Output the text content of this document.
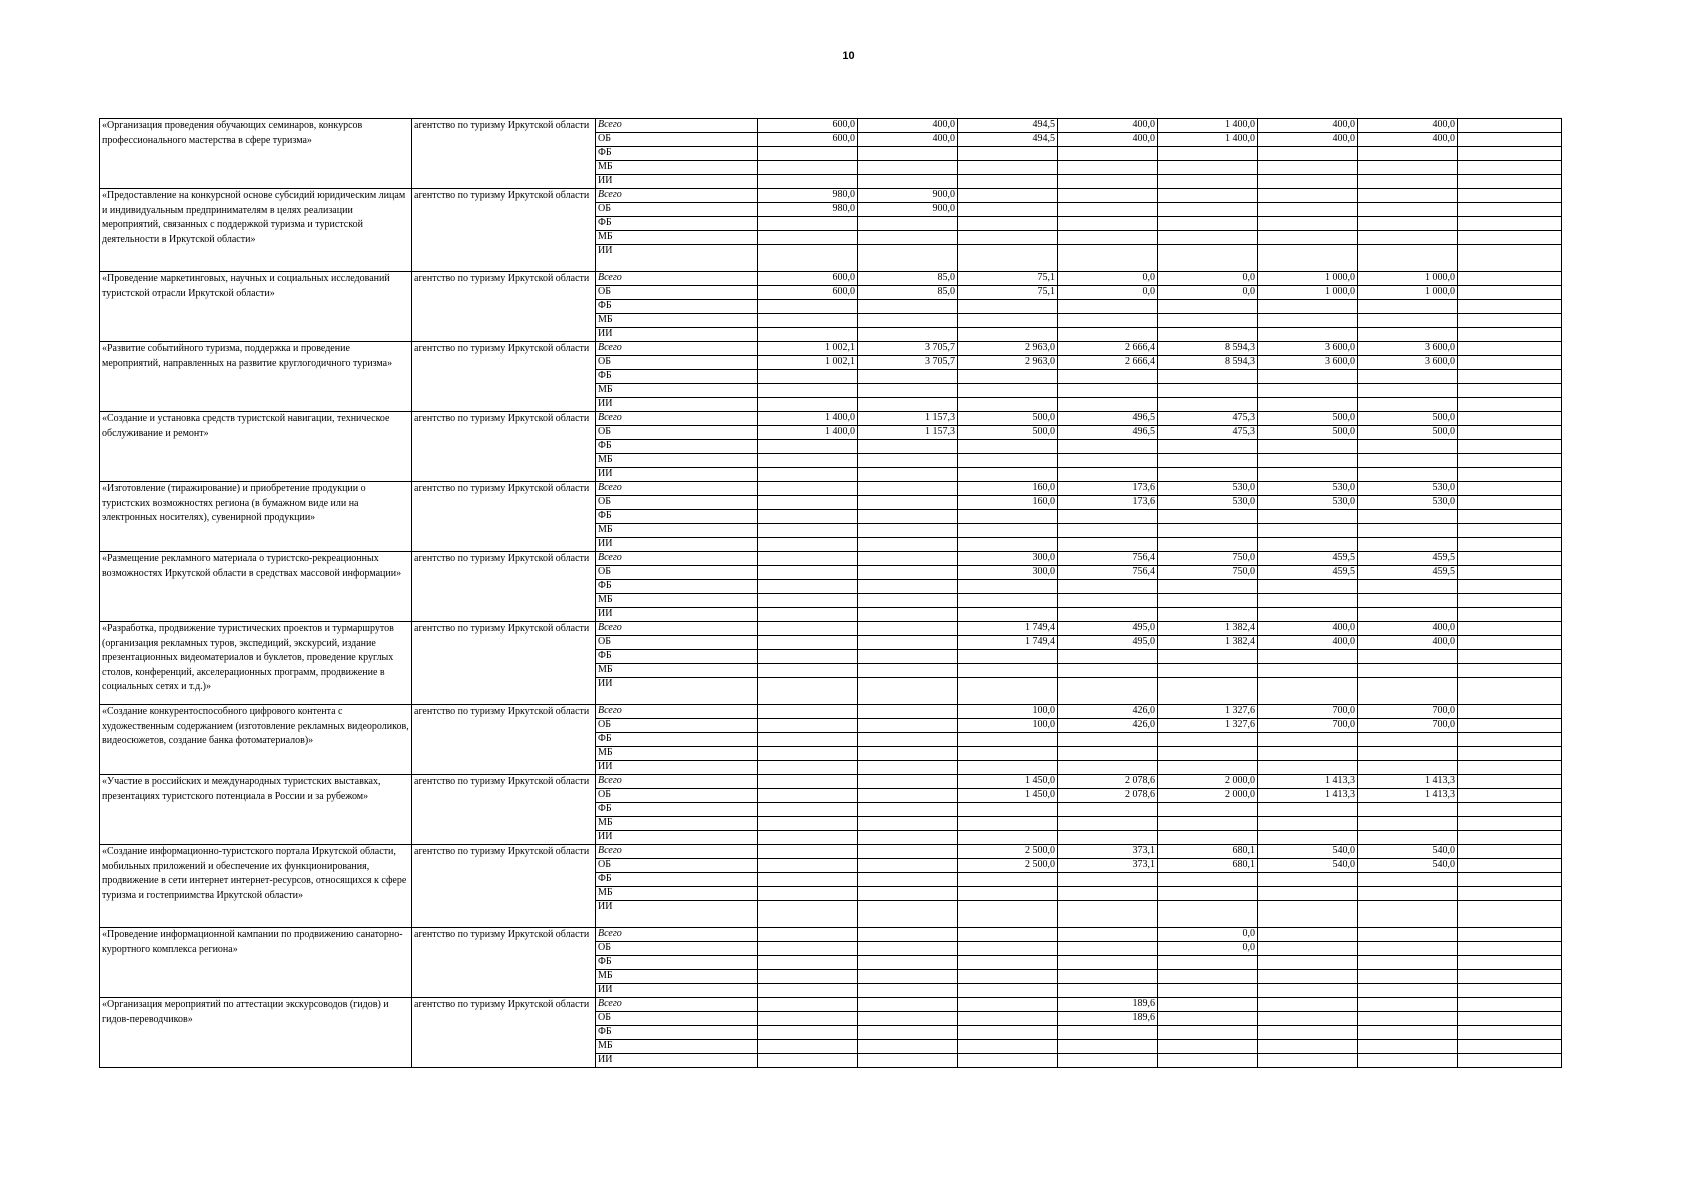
10
«Организация проведения обучающих семинаров, конкурсов профессионального мастерства в сфере туризма»	агентство по туризму Иркутской области	Всего	600,0	400,0	494,5	400,0	1 400,0	400,0	400,0	
		ОБ	600,0	400,0	494,5	400,0	1 400,0	400,0	400,0	
		ФБ								
		МБ								
		ИИ								
«Предоставление на конкурсной основе субсидий юридическим лицам и индивидуальным предпринимателям в целях реализации мероприятий, связанных с поддержкой туризма и туристской деятельности в Иркутской области»	агентство по туризму Иркутской области	Всего	980,0	900,0						
		ОБ	980,0	900,0						
		ФБ								
		МБ								
		ИИ								
«Проведение маркетинговых, научных и социальных исследований туристской отрасли Иркутской области»	агентство по туризму Иркутской области	Всего	600,0	85,0	75,1	0,0	0,0	1 000,0	1 000,0	
		ОБ	600,0	85,0	75,1	0,0	0,0	1 000,0	1 000,0	
		ФБ								
		МБ								
		ИИ								
«Развитие событийного туризма, поддержка и проведение мероприятий, направленных на развитие круглогодичного туризма»	агентство по туризму Иркутской области	Всего	1 002,1	3 705,7	2 963,0	2 666,4	8 594,3	3 600,0	3 600,0	
		ОБ	1 002,1	3 705,7	2 963,0	2 666,4	8 594,3	3 600,0	3 600,0	
		ФБ								
		МБ								
		ИИ								
«Создание и установка средств туристской навигации, техническое обслуживание и ремонт»	агентство по туризму Иркутской области	Всего	1 400,0	1 157,3	500,0	496,5	475,3	500,0	500,0	
		ОБ	1 400,0	1 157,3	500,0	496,5	475,3	500,0	500,0	
		ФБ								
		МБ								
		ИИ								
«Изготовление (тиражирование) и приобретение продукции о туристских возможностях региона (в бумажном виде или на электронных носителях), сувенирной продукции»	агентство по туризму Иркутской области	Всего			160,0	173,6	530,0	530,0	530,0	
		ОБ			160,0	173,6	530,0	530,0	530,0	
		ФБ								
		МБ								
		ИИ								
«Размещение рекламного материала о туристско-рекреационных возможностях Иркутской области в средствах массовой информации»	агентство по туризму Иркутской области	Всего			300,0	756,4	750,0	459,5	459,5	
		ОБ			300,0	756,4	750,0	459,5	459,5	
		ФБ								
		МБ								
		ИИ								
«Разработка, продвижение туристических проектов и турмаршрутов (организация рекламных туров, экспедиций, экскурсий, издание презентационных видеоматериалов и буклетов, проведение круглых столов, конференций, акселерационных программ, продвижение в социальных сетях и т.д.)»	агентство по туризму Иркутской области	Всего			1 749,4	495,0	1 382,4	400,0	400,0	
		ОБ			1 749,4	495,0	1 382,4	400,0	400,0	
		ФБ								
		МБ								
		ИИ								
«Создание конкурентоспособного цифрового контента с художественным содержанием (изготовление рекламных видеороликов, видеосюжетов, создание банка фотоматериалов)»	агентство по туризму Иркутской области	Всего			100,0	426,0	1 327,6	700,0	700,0	
		ОБ			100,0	426,0	1 327,6	700,0	700,0	
		ФБ								
		МБ								
		ИИ								
«Участие в российских и международных туристских выставках, презентациях туристского потенциала в России и за рубежом»	агентство по туризму Иркутской области	Всего			1 450,0	2 078,6	2 000,0	1 413,3	1 413,3	
		ОБ			1 450,0	2 078,6	2 000,0	1 413,3	1 413,3	
		ФБ								
		МБ								
		ИИ								
«Создание информационно-туристского портала Иркутской области, мобильных приложений и обеспечение их функционирования, продвижение в сети интернет интернет-ресурсов, относящихся к сфере туризма и гостеприимства Иркутской области»	агентство по туризму Иркутской области	Всего			2 500,0	373,1	680,1	540,0	540,0	
		ОБ			2 500,0	373,1	680,1	540,0	540,0	
		ФБ								
		МБ								
		ИИ								
«Проведение информационной кампании по продвижению санаторно-курортного комплекса региона»	агентство по туризму Иркутской области	Всего					0,0			
		ОБ					0,0			
		ФБ								
		МБ								
		ИИ								
«Организация мероприятий по аттестации экскурсоводов (гидов) и гидов-переводчиков»	агентство по туризму Иркутской области	Всего				189,6				
		ОБ				189,6				
		ФБ								
		МБ								
		ИИ								
